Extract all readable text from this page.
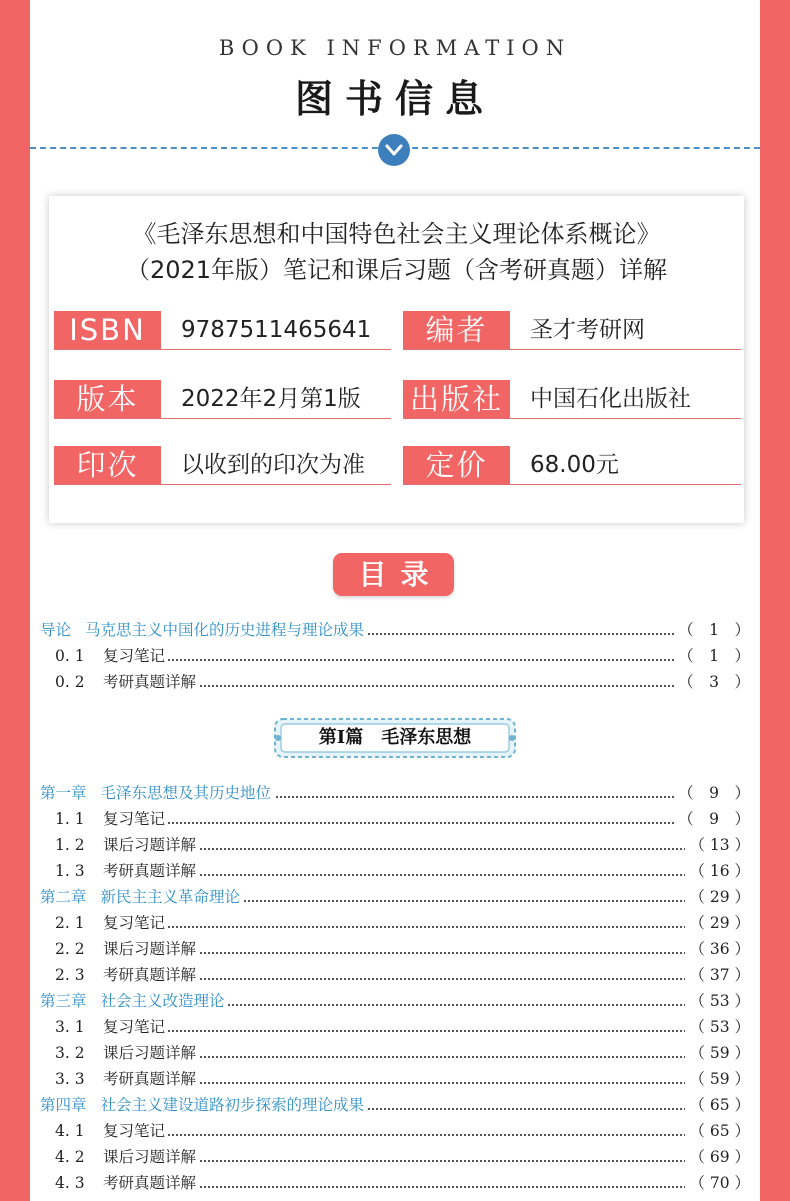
BOOK INFORMATION
图书信息
《毛泽东思想和中国特色社会主义理论体系概论》
（2021年版）笔记和课后习题（含考研真题）详解
ISBN	9787511465641	编者	圣才考研网
版本	2022年2月第1版 出版社	中国石化出版社
印次	以收到的印次为准	定价	68.00元
目录
导论 马克思主义中国化的历史进程与理论成果	（　1　）
0. 1 复习笔记	（　1　）
0. 2 考研真题详解	（　3　）
第Ⅰ篇　毛泽东思想
第一章 毛泽东思想及其历史地位	（　9　）
1. 1 复习笔记	（　9　）
1. 2 课后习题详解	（ 13 ）
1. 3 考研真题详解	（ 16 ）
第二章 新民主主义革命理论	（ 29 ）
2. 1 复习笔记	（ 29 ）
2. 2 课后习题详解	（ 36 ）
2. 3 考研真题详解	（ 37 ）
第三章 社会主义改造理论	（ 53 ）
3. 1 复习笔记	（ 53 ）
3. 2 课后习题详解	（ 59 ）
3. 3 考研真题详解	（ 59 ）
第四章 社会主义建设道路初步探索的理论成果	（ 65 ）
4. 1 复习笔记	（ 65 ）
4. 2 课后习题详解	（ 69 ）
4. 3 考研真题详解	（ 70 ）
